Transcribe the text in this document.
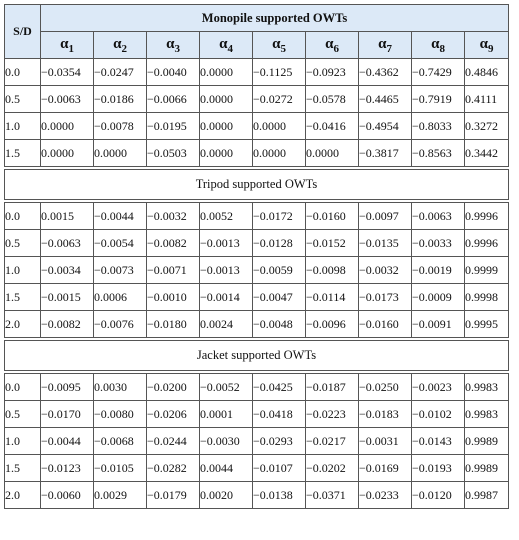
S/D	Monopile supported OWTs								
	$\alpha_1$	$\alpha_2$	$\alpha_3$	$\alpha_4$	$\alpha_5$	$\alpha_6$	$\alpha_7$	$\alpha_8$	$\alpha_9$
0.0	−0.0354	−0.0247	−0.0040	0.0000	−0.1125	−0.0923	−0.4362	−0.7429	0.4846
0.5	−0.0063	−0.0186	−0.0066	0.0000	−0.0272	−0.0578	−0.4465	−0.7919	0.4111
1.0	0.0000	−0.0078	−0.0195	0.0000	0.0000	−0.0416	−0.4954	−0.8033	0.3272
1.5	0.0000	0.0000	−0.0503	0.0000	0.0000	0.0000	−0.3817	−0.8563	0.3442
Tripod supported OWTs									
0.0	0.0015	−0.0044	−0.0032	0.0052	−0.0172	−0.0160	−0.0097	−0.0063	0.9996
0.5	−0.0063	−0.0054	−0.0082	−0.0013	−0.0128	−0.0152	−0.0135	−0.0033	0.9996
1.0	−0.0034	−0.0073	−0.0071	−0.0013	−0.0059	−0.0098	−0.0032	−0.0019	0.9999
1.5	−0.0015	0.0006	−0.0010	−0.0014	−0.0047	−0.0114	−0.0173	−0.0009	0.9998
2.0	−0.0082	−0.0076	−0.0180	0.0024	−0.0048	−0.0096	−0.0160	−0.0091	0.9995
Jacket supported OWTs									
0.0	−0.0095	0.0030	−0.0200	−0.0052	−0.0425	−0.0187	−0.0250	−0.0023	0.9983
0.5	−0.0170	−0.0080	−0.0206	0.0001	−0.0418	−0.0223	−0.0183	−0.0102	0.9983
1.0	−0.0044	−0.0068	−0.0244	−0.0030	−0.0293	−0.0217	−0.0031	−0.0143	0.9989
1.5	−0.0123	−0.0105	−0.0282	0.0044	−0.0107	−0.0202	−0.0169	−0.0193	0.9989
2.0	−0.0060	0.0029	−0.0179	0.0020	−0.0138	−0.0371	−0.0233	−0.0120	0.9987
